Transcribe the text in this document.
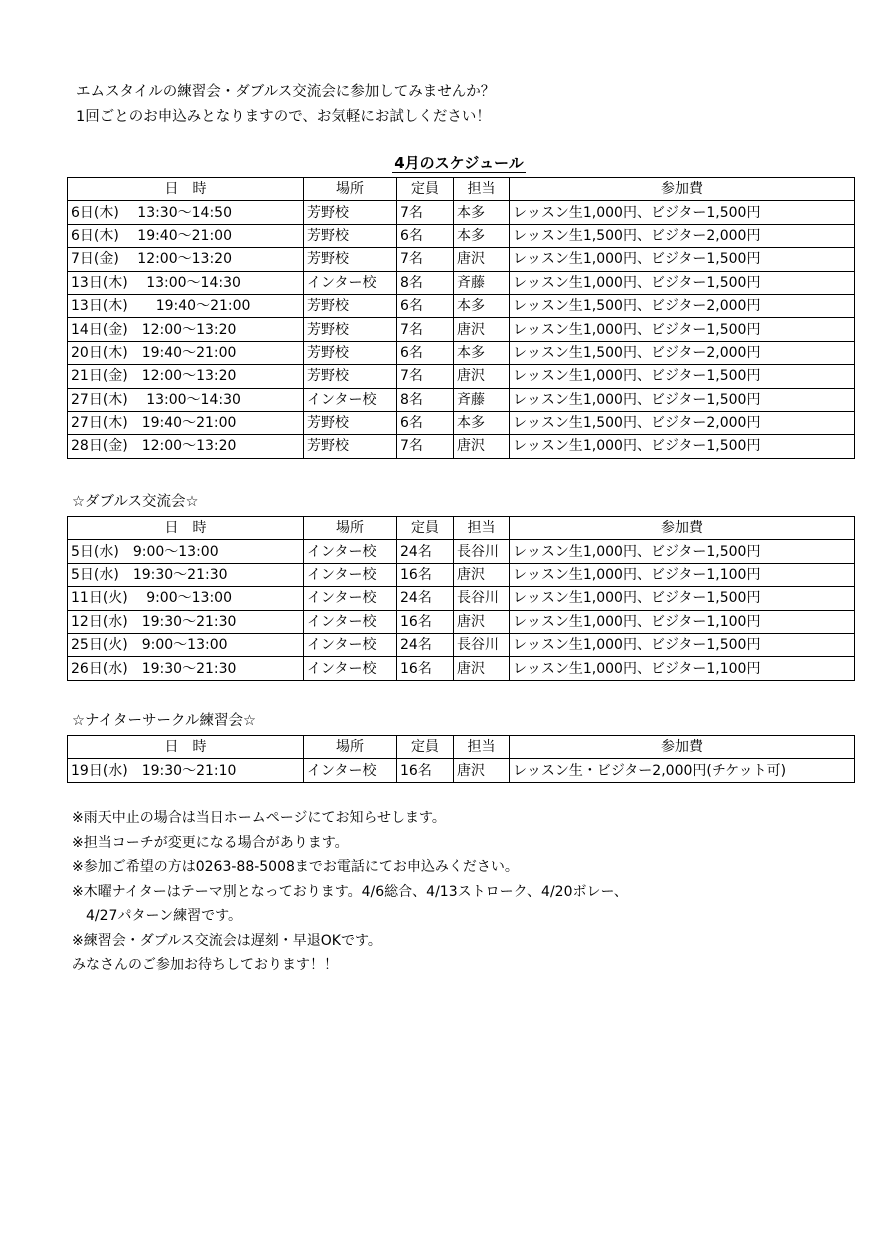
エムスタイルの練習会・ダブルス交流会に参加してみませんか？
1回ごとのお申込みとなりますので、お気軽にお試しください！
4月のスケジュール
日　時	場所	定員	担当	参加費
6日(木)　 13:30～14:50	芳野校	7名	本多	レッスン生1,000円、ビジター1,500円
6日(木)　 19:40～21:00	芳野校	6名	本多	レッスン生1,500円、ビジター2,000円
7日(金)　 12:00～13:20	芳野校	7名	唐沢	レッスン生1,000円、ビジター1,500円
13日(木)　 13:00～14:30	インター校	8名	斉藤	レッスン生1,000円、ビジター1,500円
13日(木)　　19:40～21:00	芳野校	6名	本多	レッスン生1,500円、ビジター2,000円
14日(金)　12:00～13:20	芳野校	7名	唐沢	レッスン生1,000円、ビジター1,500円
20日(木)　19:40～21:00	芳野校	6名	本多	レッスン生1,500円、ビジター2,000円
21日(金)　12:00～13:20	芳野校	7名	唐沢	レッスン生1,000円、ビジター1,500円
27日(木)　 13:00～14:30	インター校	8名	斉藤	レッスン生1,000円、ビジター1,500円
27日(木)　19:40～21:00	芳野校	6名	本多	レッスン生1,500円、ビジター2,000円
28日(金)　12:00～13:20	芳野校	7名	唐沢	レッスン生1,000円、ビジター1,500円
☆ダブルス交流会☆
日　時	場所	定員	担当	参加費
5日(水)　9:00～13:00	インター校	24名	長谷川	レッスン生1,000円、ビジター1,500円
5日(水)　19:30～21:30	インター校	16名	唐沢	レッスン生1,000円、ビジター1,100円
11日(火)　 9:00～13:00	インター校	24名	長谷川	レッスン生1,000円、ビジター1,500円
12日(水)　19:30～21:30	インター校	16名	唐沢	レッスン生1,000円、ビジター1,100円
25日(火)　9:00～13:00	インター校	24名	長谷川	レッスン生1,000円、ビジター1,500円
26日(水)　19:30～21:30	インター校	16名	唐沢	レッスン生1,000円、ビジター1,100円
☆ナイターサークル練習会☆
日　時	場所	定員	担当	参加費
19日(水)　19:30～21:10	インター校	16名	唐沢	レッスン生・ビジター2,000円(チケット可)
※雨天中止の場合は当日ホームページにてお知らせします。
※担当コーチが変更になる場合があります。
※参加ご希望の方は0263-88-5008までお電話にてお申込みください。
※木曜ナイターはテーマ別となっております。4/6総合、4/13ストローク、4/20ボレー、
　4/27パターン練習です。
※練習会・ダブルス交流会は遅刻・早退OKです。
みなさんのご参加お待ちしております！！
